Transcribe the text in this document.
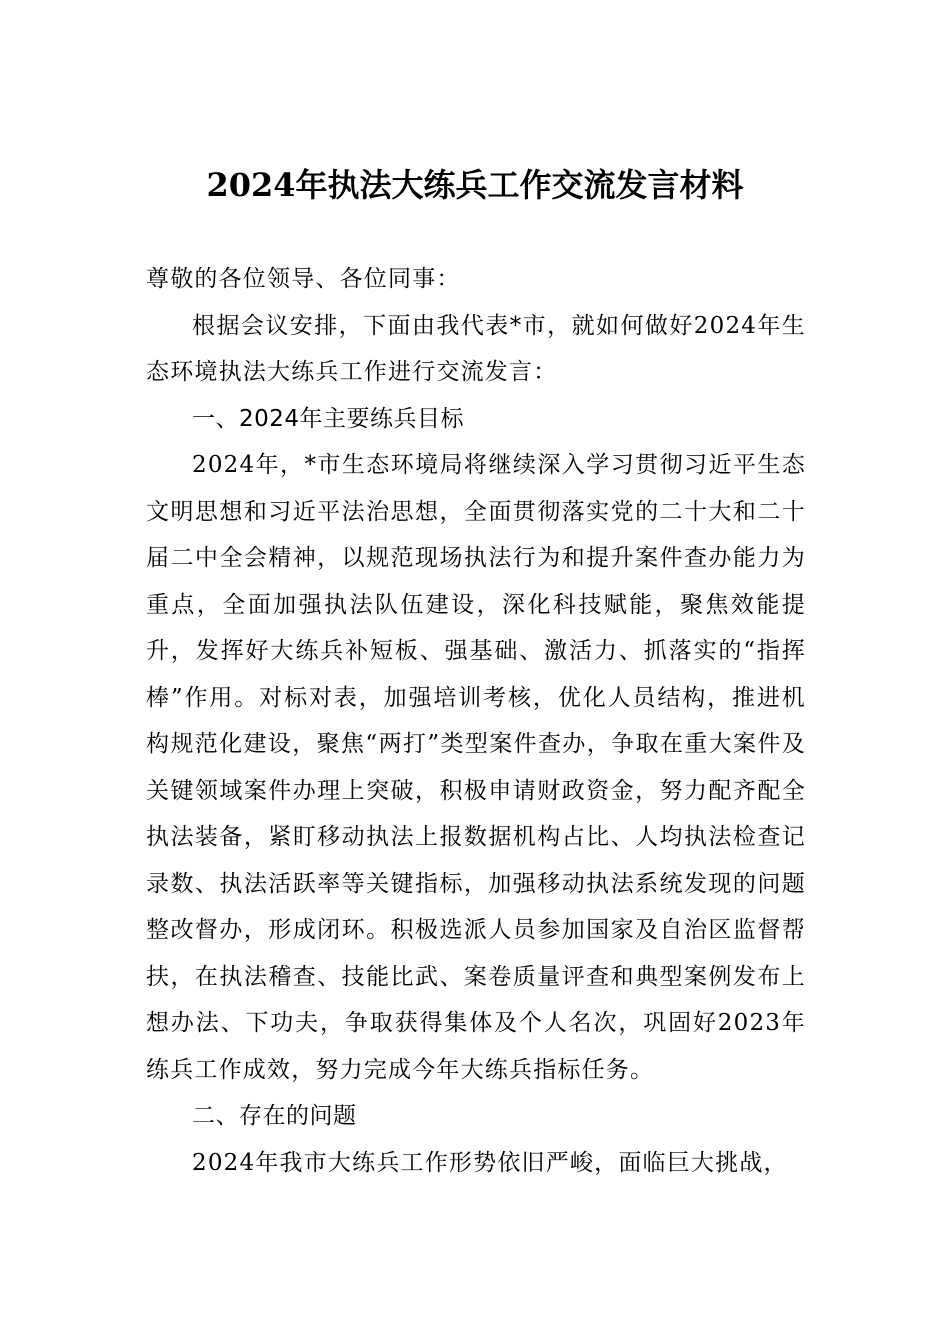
2024年执法大练兵工作交流发言材料

尊敬的各位领导、各位同事：

根据会议安排，下面由我代表*市，就如何做好2024年生态环境执法大练兵工作进行交流发言：

一、2024年主要练兵目标

2024年，*市生态环境局将继续深入学习贯彻习近平生态文明思想和习近平法治思想，全面贯彻落实党的二十大和二十届二中全会精神，以规范现场执法行为和提升案件查办能力为重点，全面加强执法队伍建设，深化科技赋能，聚焦效能提升，发挥好大练兵补短板、强基础、激活力、抓落实的“指挥棒”作用。对标对表，加强培训考核，优化人员结构，推进机构规范化建设，聚焦“两打”类型案件查办，争取在重大案件及关键领域案件办理上突破，积极申请财政资金，努力配齐配全执法装备，紧盯移动执法上报数据机构占比、人均执法检查记录数、执法活跃率等关键指标，加强移动执法系统发现的问题整改督办，形成闭环。积极选派人员参加国家及自治区监督帮扶，在执法稽查、技能比武、案卷质量评查和典型案例发布上想办法、下功夫，争取获得集体及个人名次，巩固好2023年练兵工作成效，努力完成今年大练兵指标任务。

二、存在的问题

2024年我市大练兵工作形势依旧严峻，面临巨大挑战，
